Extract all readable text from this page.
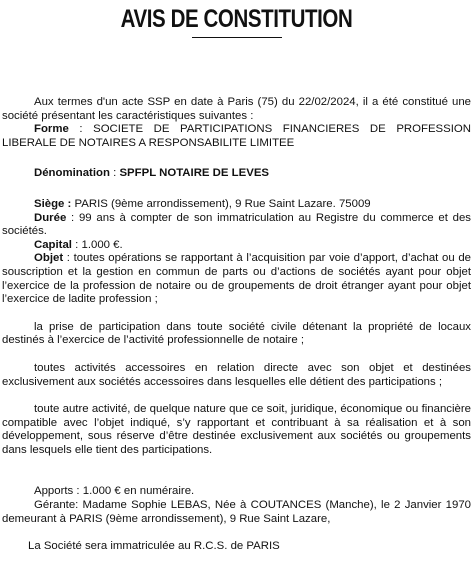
AVIS DE CONSTITUTION

Aux termes d'un acte SSP en date à Paris (75) du 22/02/2024, il a été constitué une société présentant les caractéristiques suivantes :

Forme : SOCIETE DE PARTICIPATIONS FINANCIERES DE PROFESSION LIBERALE DE NOTAIRES A RESPONSABILITE LIMITEE

Dénomination : SPFPL NOTAIRE DE LEVES

Siège : PARIS (9ème arrondissement), 9 Rue Saint Lazare. 75009

Durée : 99 ans à compter de son immatriculation au Registre du commerce et des sociétés.

Capital : 1.000 €.

Objet : toutes opérations se rapportant à l’acquisition par voie d’apport, d’achat ou de souscription et la gestion en commun de parts ou d’actions de sociétés ayant pour objet l’exercice de la profession de notaire ou de groupements de droit étranger ayant pour objet l’exercice de ladite profession ;

la prise de participation dans toute société civile détenant la propriété de locaux destinés à l’exercice de l’activité professionnelle de notaire ;

toutes activités accessoires en relation directe avec son objet et destinées exclusivement aux sociétés accessoires dans lesquelles elle détient des participations ;

toute autre activité, de quelque nature que ce soit, juridique, économique ou financière compatible avec l’objet indiqué, s’y rapportant et contribuant à sa réalisation et à son développement, sous réserve d’être destinée exclusivement aux sociétés ou groupements dans lesquels elle tient des participations.

Apports : 1.000 € en numéraire.

Gérante: Madame Sophie LEBAS, Née à COUTANCES (Manche), le 2 Janvier 1970 demeurant à PARIS (9ème arrondissement), 9 Rue Saint Lazare,

La Société sera immatriculée au R.C.S. de PARIS
